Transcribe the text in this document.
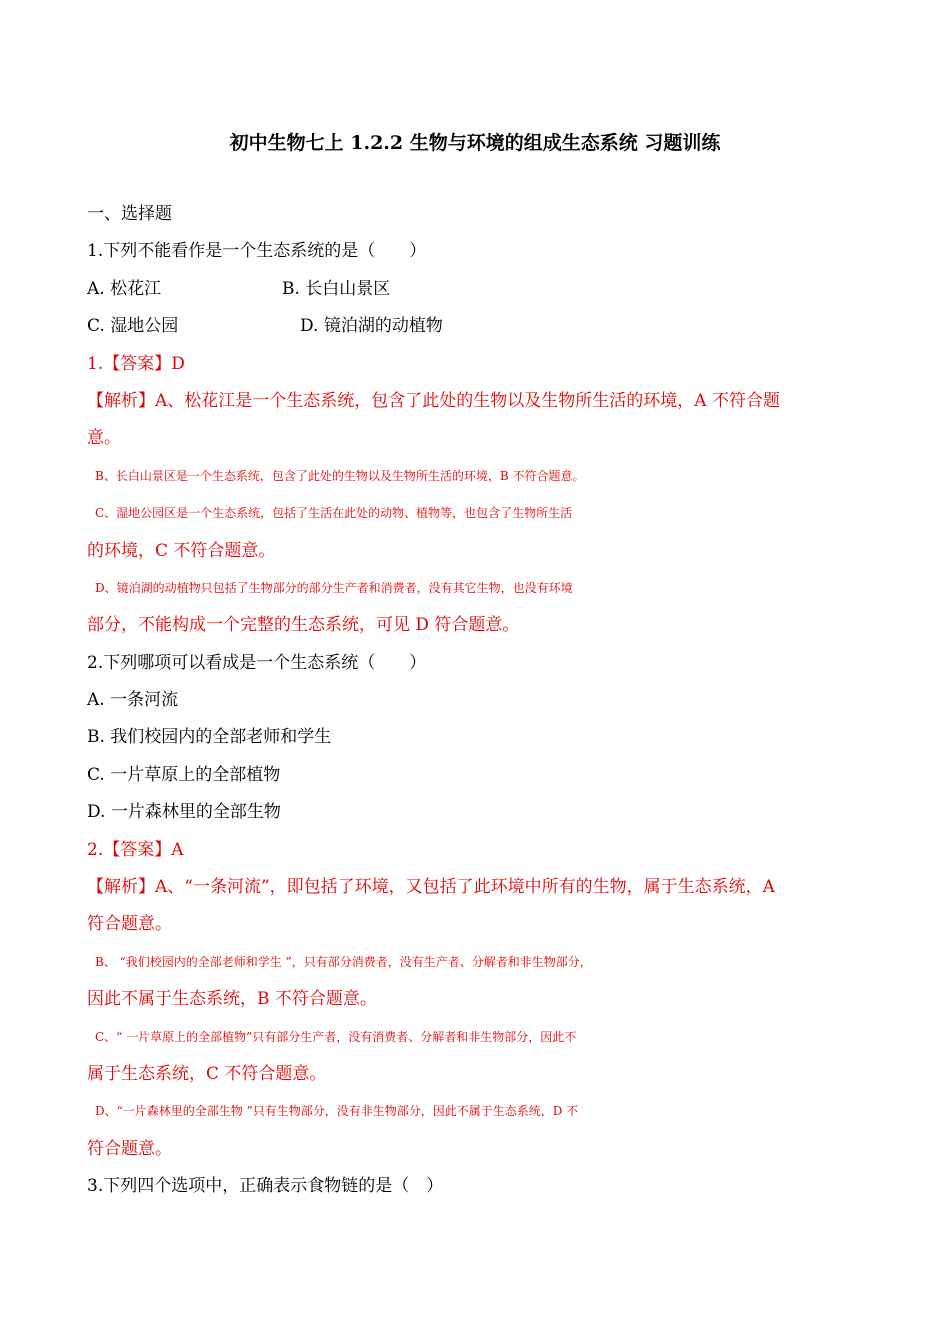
初中生物七上 1.2.2 生物与环境的组成生态系统 习题训练
一、选择题
1.下列不能看作是一个生态系统的是（　　）
A. 松花江	B. 长白山景区
C. 湿地公园	D. 镜泊湖的动植物
1.【答案】D
【解析】A、松花江是一个生态系统，包含了此处的生物以及生物所生活的环境，A 不符合题
意。
B、长白山景区是一个生态系统，包含了此处的生物以及生物所生活的环境，B 不符合题意。
C、湿地公园区是一个生态系统，包括了生活在此处的动物、植物等，也包含了生物所生活
的环境，C 不符合题意。
D、镜泊湖的动植物只包括了生物部分的部分生产者和消费者，没有其它生物，也没有环境
部分，不能构成一个完整的生态系统，可见 D 符合题意。
2.下列哪项可以看成是一个生态系统（　　）
A. 一条河流
B. 我们校园内的全部老师和学生
C. 一片草原上的全部植物
D. 一片森林里的全部生物
2.【答案】A
【解析】A、“一条河流”，即包括了环境，又包括了此环境中所有的生物，属于生态系统，A
符合题意。
B、 “我们校园内的全部老师和学生 ”，只有部分消费者，没有生产者、分解者和非生物部分，
因此不属于生态系统，B 不符合题意。
C、“ 一片草原上的全部植物”只有部分生产者，没有消费者、分解者和非生物部分，因此不
属于生态系统，C 不符合题意。
D、“一片森林里的全部生物 ”只有生物部分，没有非生物部分，因此不属于生态系统，D 不
符合题意。
3.下列四个选项中，正确表示食物链的是（　）
